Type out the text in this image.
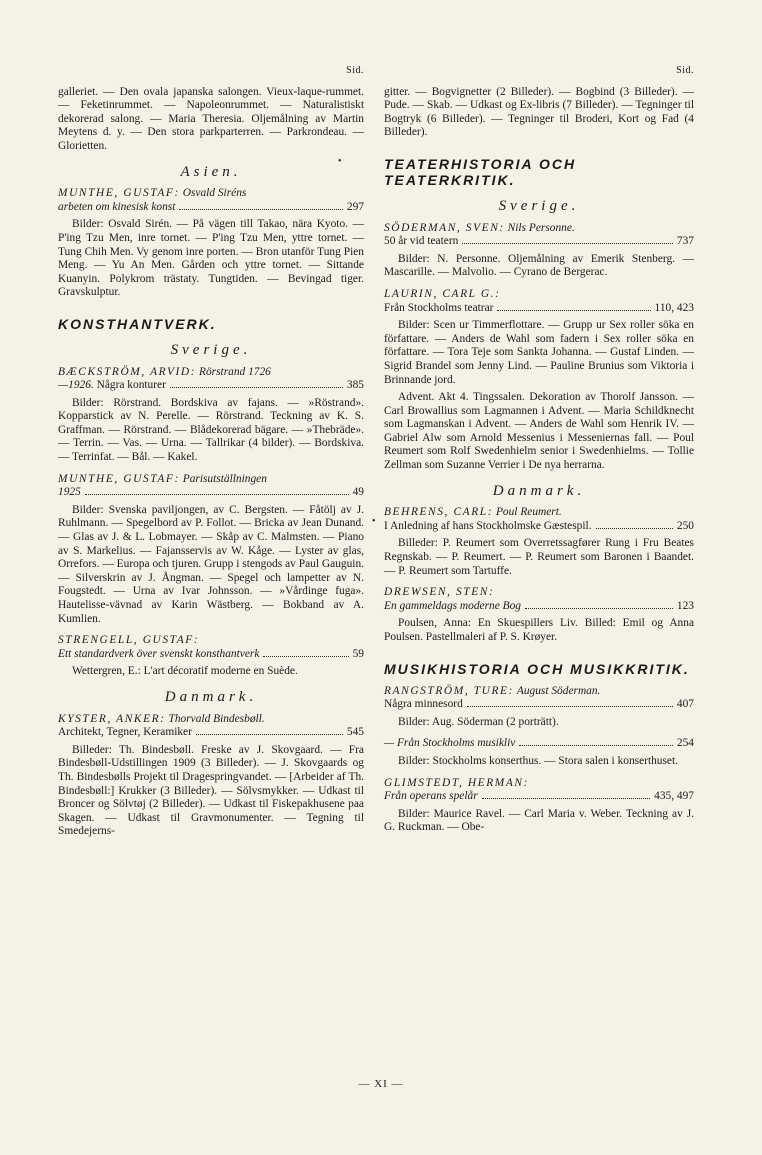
Sid.

galleriet. — Den ovala japanska salongen. Vieux-laque-rummet. — Feketinrummet. — Napoleonrummet. — Naturalistiskt dekorerad salong. — Maria Theresia. Oljemålning av Martin Meytens d. y. — Den stora parkparterren. — Parkrondeau. — Glorietten.

Asien.
MUNTHE, GUSTAF: Osvald Siréns
arbeten om kinesisk konst	297

Bilder: Osvald Sirén. — På vägen till Takao, nära Kyoto. — P'ing Tzu Men, inre tornet. — P'ing Tzu Men, yttre tornet. — Tung Chih Men. Vy genom inre porten. — Bron utanför Tung Pien Meng. — Yu An Men. Gården och yttre tornet. — Sittande Kuanyin. Polykrom trästaty. Tungtiden. — Bevingad tiger. Gravskulptur.

KONSTHANTVERK.
Sverige.
BÆCKSTRÖM, ARVID: Rörstrand 1726
—1926. Några konturer	385

Bilder: Rörstrand. Bordskiva av fajans. — »Röstrand». Kopparstick av N. Perelle. — Rörstrand. Teckning av K. S. Graffman. — Rörstrand. — Blådekorerad bägare. — »Thebräde». — Terrin. — Vas. — Urna. — Tallrikar (4 bilder). — Bordskiva. — Terrinfat. — Bål. — Kakel.

MUNTHE, GUSTAF: Parisutställningen
1925	49

Bilder: Svenska paviljongen, av C. Bergsten. — Fåtölj av J. Ruhlmann. — Spegelbord av P. Follot. — Bricka av Jean Dunand. — Glas av J. & L. Lobmayer. — Skåp av C. Malmsten. — Piano av S. Markelius. — Fajansservis av W. Kåge. — Lyster av glas, Orrefors. — Europa och tjuren. Grupp i stengods av Paul Gauguin. — Silverskrin av J. Ångman. — Spegel och lampetter av N. Fougstedt. — Urna av Ivar Johnsson. — »Vårdinge fuga». Hautelisse-vävnad av Karin Wästberg. — Bokband av A. Kumlien.

STRENGELL, GUSTAF:
Ett standardverk över svenskt konsthantverk	59

Wettergren, E.: L'art décoratif moderne en Suède.

Danmark.
KYSTER, ANKER: Thorvald Bindesbøll.
Architekt, Tegner, Keramiker	545

Billeder: Th. Bindesbøll. Freske av J. Skovgaard. — Fra Bindesbøll-Udstillingen 1909 (3 Billeder). — J. Skovgaards og Th. Bindesbølls Projekt til Dragespringvandet. — [Arbeider af Th. Bindesbøll:] Krukker (3 Billeder). — Sölvsmykker. — Udkast til Broncer og Sölvtøj (2 Billeder). — Udkast til Fiskepakhusene paa Skagen. — Udkast til Gravmonumenter. — Tegning til Smedejerns-

Sid.

gitter. — Bogvignetter (2 Billeder). — Bogbind (3 Billeder). — Pude. — Skab. — Udkast og Ex-libris (7 Billeder). — Tegninger til Bogtryk (6 Billeder). — Tegninger til Broderi, Kort og Fad (4 Billeder).

TEATERHISTORIA OCH TEATERKRITIK.
Sverige.
SÖDERMAN, SVEN: Nils Personne.
50 år vid teatern	737

Bilder: N. Personne. Oljemålning av Emerik Stenberg. — Mascarille. — Malvolio. — Cyrano de Bergerac.

LAURIN, CARL G.:
Från Stockholms teatrar	110, 423

Bilder: Scen ur Timmerflottare. — Grupp ur Sex roller söka en författare. — Anders de Wahl som fadern i Sex roller söka en författare. — Tora Teje som Sankta Johanna. — Gustaf Linden. — Sigrid Brandel som Jenny Lind. — Pauline Brunius som Viktoria i Brinnande jord.

Advent. Akt 4. Tingssalen. Dekoration av Thorolf Jansson. — Carl Browallius som Lagmannen i Advent. — Maria Schildknecht som Lagmanskan i Advent. — Anders de Wahl som Henrik IV. — Gabriel Alw som Arnold Messenius i Messeniernas fall. — Poul Reumert som Rolf Swedenhielm senior i Swedenhielms. — Tollie Zellman som Suzanne Verrier i De nya herrarna.

Danmark.
BEHRENS, CARL: Poul Reumert.
I Anledning af hans Stockholmske Gæstespil.	250

Billeder: P. Reumert som Overretssagfører Rung i Fru Beates Regnskab. — P. Reumert. — P. Reumert som Baronen i Baandet. — P. Reumert som Tartuffe.

DREWSEN, STEN:
En gammeldags moderne Bog	123

Poulsen, Anna: En Skuespillers Liv. Billed: Emil og Anna Poulsen. Pastellmaleri af P. S. Krøyer.

MUSIKHISTORIA OCH MUSIKKRITIK.
RANGSTRÖM, TURE: August Söderman.
Några minnesord	407

Bilder: Aug. Söderman (2 porträtt).

— Från Stockholms musikliv	254

Bilder: Stockholms konserthus. — Stora salen i konserthuset.

GLIMSTEDT, HERMAN:
Från operans spelår	435, 497

Bilder: Maurice Ravel. — Carl Maria v. Weber. Teckning av J. G. Ruckman. — Obe-

•
•
— XI —
